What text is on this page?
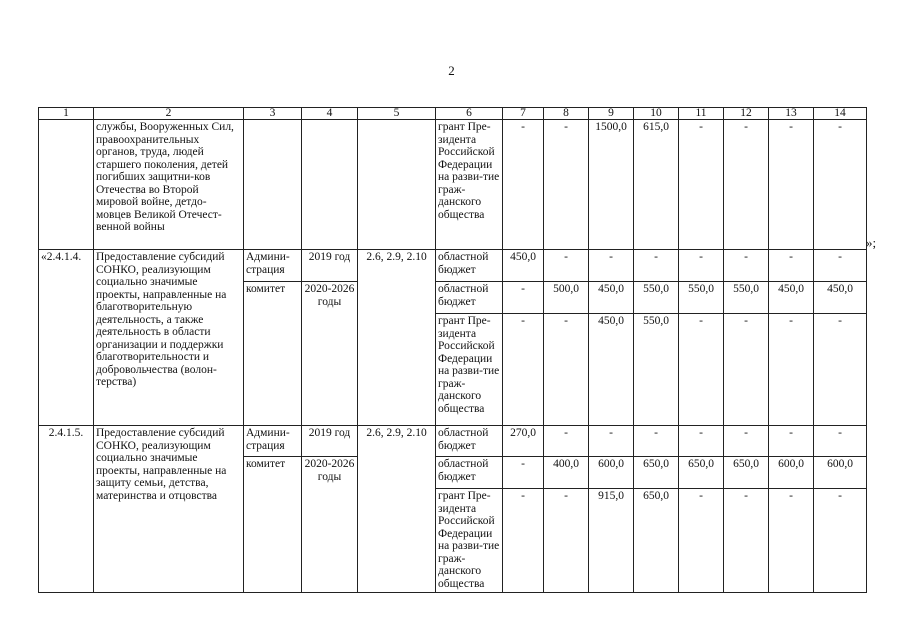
2
»;
1	2	3	4	5	6	7	8	9	10	11	12	13	14
	службы, Вооруженных Сил, правоохранительных органов, труда, людей старшего поколения, детей погибших защитни-ков Отечества во Второй мировой войне, детдо-мовцев Великой Отечест-венной войны				грант Пре-зидента Российской Федерации на разви-тие граж-данского общества	-	-	1500,0	615,0	-	-	-	-
«2.4.1.4.	Предоставление субсидий СОНКО, реализующим социально значимые проекты, направленные на благотворительную деятельность, а также деятельность в области организации и поддержки благотворительности и добровольчества (волон-терства)	Админи-страция	2019 год	2.6, 2.9, 2.10	областной бюджет	450,0	-	-	-	-	-	-	-
		комитет	2020-2026 годы		областной бюджет	-	500,0	450,0	550,0	550,0	550,0	450,0	450,0
					грант Пре-зидента Российской Федерации на разви-тие граж-данского общества	-	-	450,0	550,0	-	-	-	-
2.4.1.5.	Предоставление субсидий СОНКО, реализующим социально значимые проекты, направленные на защиту семьи, детства, материнства и отцовства	Админи-страция	2019 год	2.6, 2.9, 2.10	областной бюджет	270,0	-	-	-	-	-	-	-
		комитет	2020-2026 годы		областной бюджет	-	400,0	600,0	650,0	650,0	650,0	600,0	600,0
					грант Пре-зидента Российской Федерации на разви-тие граж-данского общества	-	-	915,0	650,0	-	-	-	-
